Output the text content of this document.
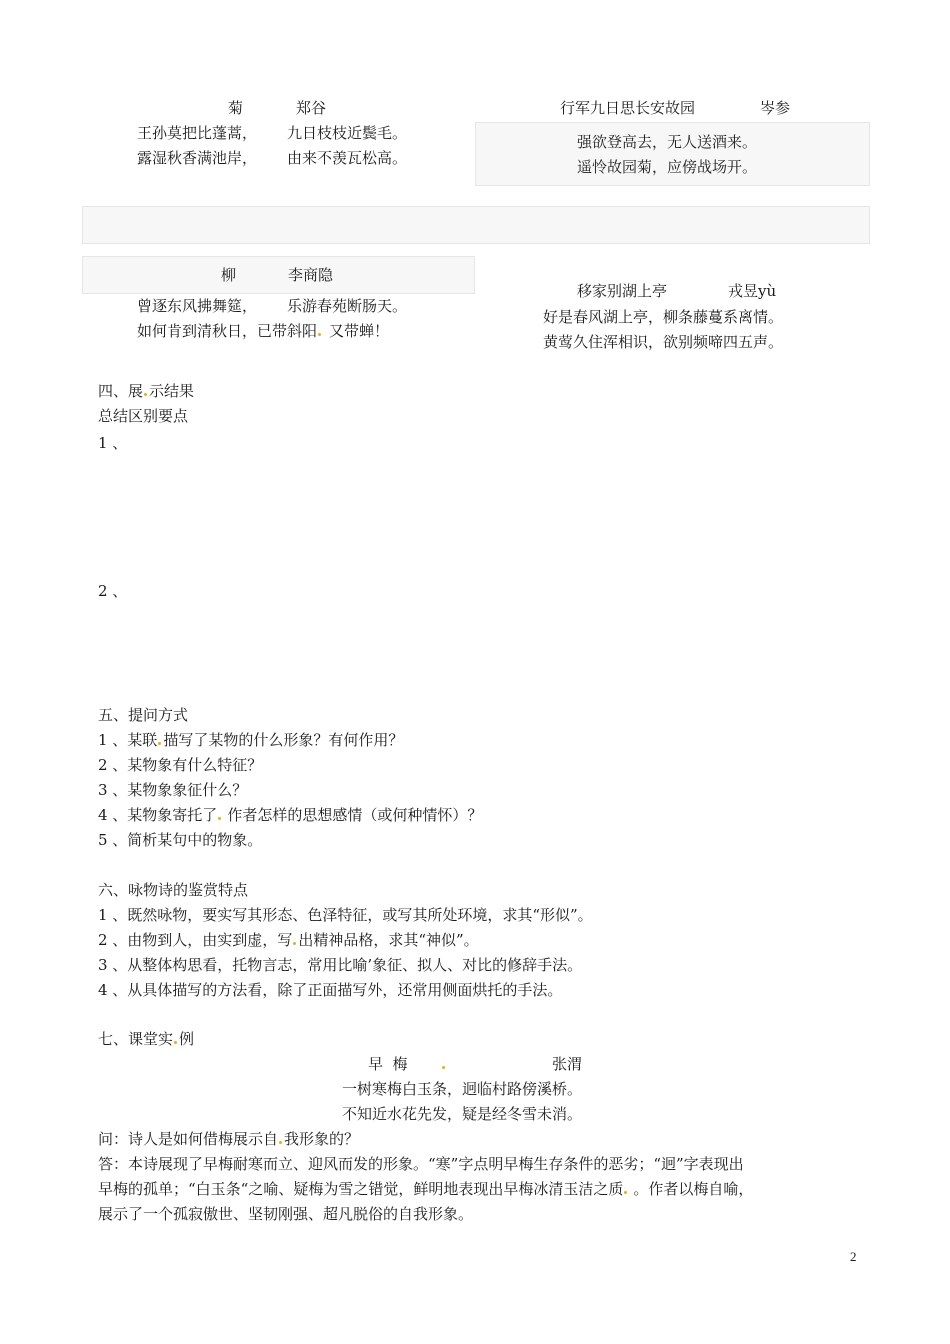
菊	郑谷
王孙莫把比蓬蒿， 九日枝枝近鬓毛。
露湿秋香满池岸， 由来不羡瓦松高。
行军九日思长安故园	岑参
强欲登高去，无人送酒来。
遥怜故园菊，应傍战场开。
柳	李商隐
曾逐东风拂舞筵， 乐游春苑断肠天。
如何肯到清秋日，已带斜阳 又带蝉！
移家别湖上亭	戎昱yù
好是春风湖上亭，柳条藤蔓系离情。
黄莺久住浑相识，欲别频啼四五声。
四、展 示结果
总结区别要点
1 、
2 、
五、提问方式
1 、某联 描写了某物的什么形象？有何作用？
2 、某物象有什么特征？
3 、某物象象征什么？
4 、某物象寄托了 作者怎样的思想感情（或何种情怀）？
5 、简析某句中的物象。
六、咏物诗的鉴赏特点
1 、既然咏物，要实写其形态、色泽特征，或写其所处环境，求其“形似”。
2 、由物到人，由实到虚，写 出精神品格，求其“神似”。
3 、从整体构思看，托物言志，常用比喻’象征、拟人、对比的修辞手法。
4 、从具体描写的方法看，除了正面描写外，还常用侧面烘托的手法。
七、课堂实 例
早  梅	张渭
一树寒梅白玉条，迥临村路傍溪桥。
不知近水花先发，疑是经冬雪未消。
问：诗人是如何借梅展示自 我形象的？
答：本诗展现了早梅耐寒而立、迎风而发的形象。“寒”字点明早梅生存条件的恶劣；“迥”字表现出
早梅的孤单；“白玉条“之喻、疑梅为雪之错觉，鲜明地表现出早梅冰清玉洁之质 。作者以梅自喻，
展示了一个孤寂傲世、坚韧刚强、超凡脱俗的自我形象。
2
